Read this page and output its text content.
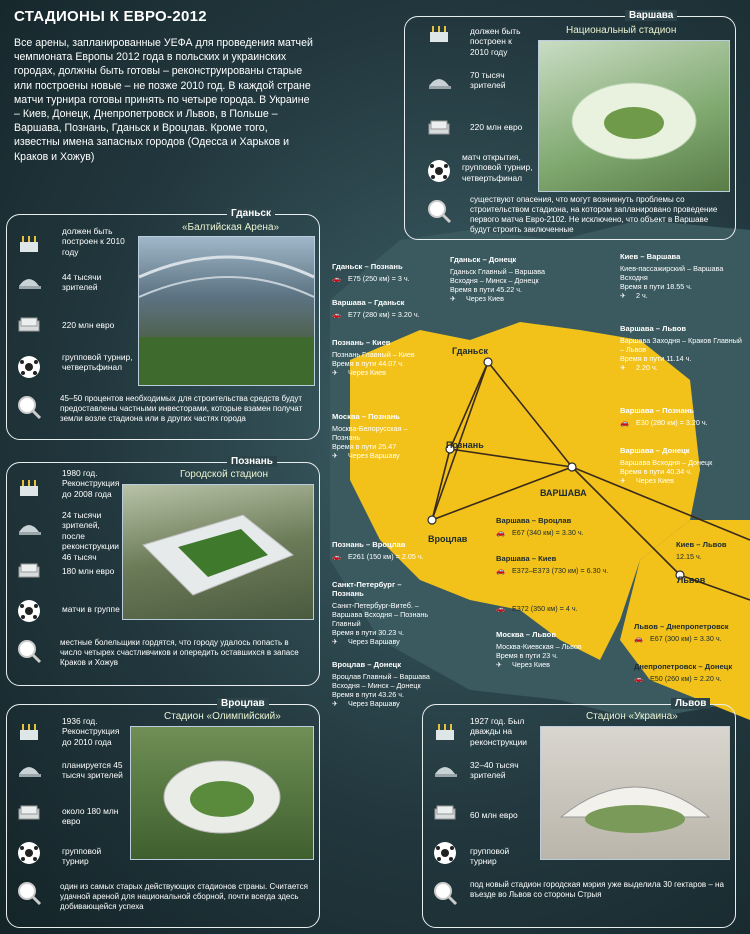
Гданьск
Познань
ВАРШАВА
Вроцлав
Львов
СТАДИОНЫ К ЕВРО-2012
Все арены, запланированные УЕФА для проведения матчей чемпионата Европы 2012 года в польских и украинских городах, должны быть готовы – реконструированы старые или построены новые – не позже 2010 год. В каждой стране матчи турнира готовы принять по четыре города. В Украине – Киев, Донецк, Днепропетровск и Львов, в Польше – Варшава, Познань, Гданьск и Вроцлав. Кроме того, известны имена запасных городов (Одесса и Харьков и Краков и Хожув)
Варшава
Национальный стадион
должен быть построен к 2010 году
70 тысяч зрителей
220 млн евро
матч открытия, групповой турнир, четвертьфинал
существуют опасения, что могут возникнуть проблемы со строительством стадиона, на котором запланировано проведение первого матча Евро-2102. Не исключено, что объект в Варшаве будут строить заключенные
Гданьск
«Балтийская Арена»
должен быть построен к 2010 году
44 тысячи зрителей
220 млн евро
групповой турнир, четвертьфинал
45–50 процентов необходимых для строительства средств будут предоставлены частными инвесторами, которые взамен получат земли возле стадиона или в других частях города
Познань
Городской стадион
1980 год. Реконструкция до 2008 года
24 тысячи зрителей, после реконструкции 46 тысяч
180 млн евро
матчи в группе
местные болельщики гордятся, что городу удалось попасть в число четырех счастливчиков и опередить оставшихся в запасе Краков и Хожув
Вроцлав
Стадион «Олимпийский»
1936 год. Реконструкция до 2010 года
планируется 45 тысяч зрителей
около 180 млн евро
групповой турнир
один из самых старых действующих стадионов страны. Считается удачной ареной для национальной сборной, почти всегда здесь добивающейся успеха
Львов
Стадион «Украина»
1927 год. Был дважды на реконструкции
32–40 тысяч зрителей
60 млн евро
групповой турнир
под новый стадион городская мэрия уже выделила 30 гектаров – на въезде во Львов со стороны Стрыя
Гданьск – Познань
🚗 E75 (250 км) = 3 ч.
Варшава – Гданьск
🚗 E77 (280 км) = 3.20 ч.
Познань – Киев
Познань Главный – Киев
Время в пути 44.07 ч.
✈ Через Киев
Москва – Познань
Москва-Белорусская – Познань
Время в пути 25.47
✈ Через Варшаву
Познань – Вроцлав
🚗 E261 (150 км) = 2.05 ч.
Санкт-Петербург – Познань
Санкт-Петербург-Витеб. – Варшава Всходня – Познань Главный
Время в пути 30.23 ч.
✈ Через Варшаву
Вроцлав – Донецк
Вроцлав Главный – Варшава Всходня – Минск – Донецк
Время в пути 43.26 ч.
✈ Через Варшаву
Гданьск – Донецк
Гданьск Главный – Варшава Всходня – Минск – Донецк
Время в пути 45.22 ч.
✈ Через Киев
Киев – Варшава
Киев-пассажирский – Варшава Всходня
Время в пути 18.55 ч.
✈ 2 ч.
Варшава – Львов
Варшава Заходня – Краков Главный – Львов
Время в пути 11.14 ч.
✈ 2.20 ч.
Варшава – Познань
🚗 E30 (280 км) = 3.20 ч.
Варшава – Донецк
Варшава Всходня – Донецк
Время в пути 40.34 ч.
✈ Через Киев
Варшава – Вроцлав
🚗 E67 (340 км) = 3.30 ч.
Варшава – Киев
🚗 E372–E373 (730 км) = 6.30 ч.
🚗 E372 (350 км) = 4 ч.
Киев – Львов
12.15 ч.
Москва – Львов
Москва-Киевская – Львов
Время в пути 23 ч.
✈ Через Киев
Львов – Днепропетровск
🚗 E67 (300 км) = 3.30 ч.
Днепропетровск – Донецк
🚗 E50 (260 км) = 2.20 ч.
